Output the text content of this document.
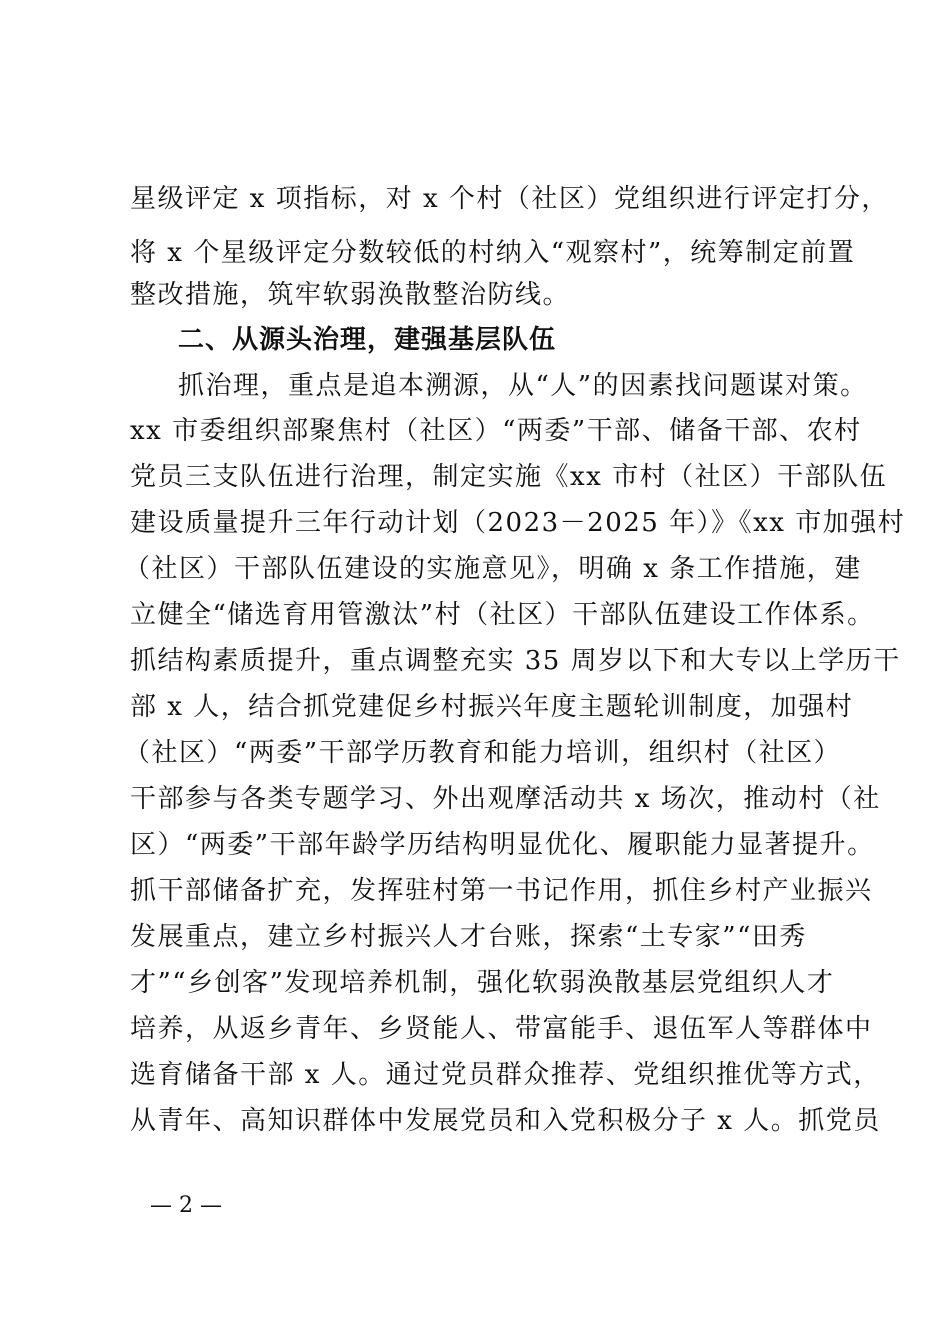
星级评定 x 项指标，对 x 个村（社区）党组织进行评定打分，
将 x 个星级评定分数较低的村纳入“观察村”，统筹制定前置
整改措施，筑牢软弱涣散整治防线。
二、从源头治理，建强基层队伍
抓治理，重点是追本溯源，从“人”的因素找问题谋对策。
xx 市委组织部聚焦村（社区）“两委”干部、储备干部、农村
党员三支队伍进行治理，制定实施《xx 市村（社区）干部队伍
建设质量提升三年行动计划（2023－2025 年）》《xx 市加强村
（社区）干部队伍建设的实施意见》，明确 x 条工作措施，建
立健全“储选育用管激汰”村（社区）干部队伍建设工作体系。
抓结构素质提升，重点调整充实 35 周岁以下和大专以上学历干
部 x 人，结合抓党建促乡村振兴年度主题轮训制度，加强村
（社区）“两委”干部学历教育和能力培训，组织村（社区）
干部参与各类专题学习、外出观摩活动共 x 场次，推动村（社
区）“两委”干部年龄学历结构明显优化、履职能力显著提升。
抓干部储备扩充，发挥驻村第一书记作用，抓住乡村产业振兴
发展重点，建立乡村振兴人才台账，探索“土专家”“田秀
才”“乡创客”发现培养机制，强化软弱涣散基层党组织人才
培养，从返乡青年、乡贤能人、带富能手、退伍军人等群体中
选育储备干部 x 人。通过党员群众推荐、党组织推优等方式，
从青年、高知识群体中发展党员和入党积极分子 x 人。抓党员
— 2 —
